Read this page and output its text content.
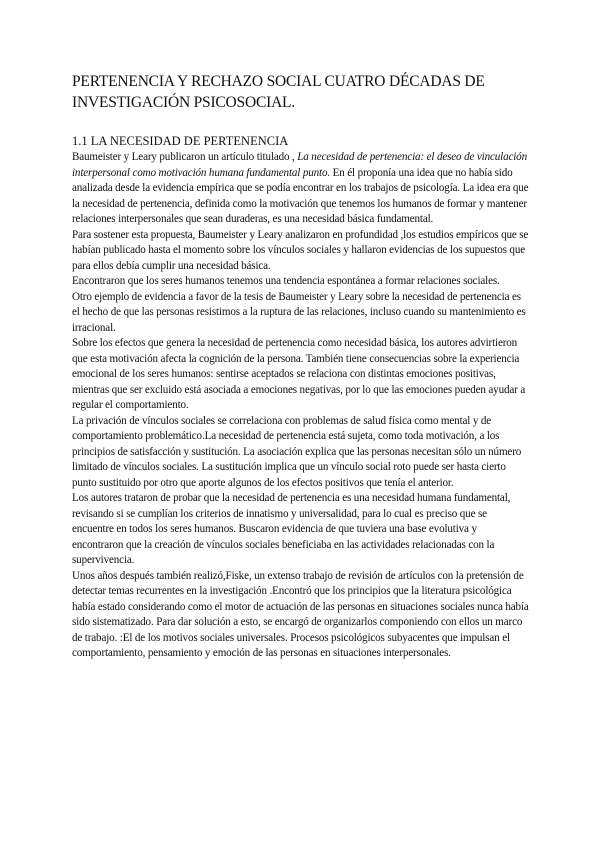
PERTENENCIA Y RECHAZO SOCIAL CUATRO DÉCADAS DE INVESTIGACIÓN PSICOSOCIAL.
1.1 LA NECESIDAD DE PERTENENCIA

Baumeister y Leary publicaron un artículo titulado , La necesidad de pertenencia: el deseo de vinculación interpersonal como motivación humana fundamental punto. En él proponía una idea que no había sido analizada desde la evidencia empírica que se podía encontrar en los trabajos de psicología. La idea era que la necesidad de pertenencia, definida como la motivación que tenemos los humanos de formar y mantener relaciones interpersonales que sean duraderas, es una necesidad básica fundamental.

Para sostener esta propuesta, Baumeister y Leary analizaron en profundidad ,los estudios empíricos que se habían publicado hasta el momento sobre los vínculos sociales y hallaron evidencias de los supuestos que para ellos debía cumplir una necesidad básica.

Encontraron que los seres humanos tenemos una tendencia espontánea a formar relaciones sociales.

Otro ejemplo de evidencia a favor de la tesis de Baumeister y Leary sobre la necesidad de pertenencia es el hecho de que las personas resistimos a la ruptura de las relaciones, incluso cuando su mantenimiento es irracional.

Sobre los efectos que genera la necesidad de pertenencia como necesidad básica, los autores advirtieron que esta motivación afecta la cognición de la persona. También tiene consecuencias sobre la experiencia emocional de los seres humanos: sentirse aceptados se relaciona con distintas emociones positivas, mientras que ser excluido está asociada a emociones negativas, por lo que las emociones pueden ayudar a regular el comportamiento.

La privación de vínculos sociales se correlaciona con problemas de salud física como mental y de comportamiento problemático.La necesidad de pertenencia está sujeta, como toda motivación, a los principios de satisfacción y sustitución. La asociación explica que las personas necesitan sólo un número limitado de vínculos sociales. La sustitución implica que un vínculo social roto puede ser hasta cierto punto sustituido por otro que aporte algunos de los efectos positivos que tenía el anterior.

Los autores trataron de probar que la necesidad de pertenencia es una necesidad humana fundamental, revisando si se cumplían los criterios de innatismo y universalidad, para lo cual es preciso que se encuentre en todos los seres humanos. Buscaron evidencia de que tuviera una base evolutiva y encontraron que la creación de vínculos sociales beneficiaba en las actividades relacionadas con la supervivencia.

Unos años después también realizó,Fiske, un extenso trabajo de revisión de artículos con la pretensión de detectar temas recurrentes en la investigación .Encontró que los principios que la literatura psicológica había estado considerando como el motor de actuación de las personas en situaciones sociales nunca había sido sistematizado. Para dar solución a esto, se encargó de organizarlos componiendo con ellos un marco de trabajo. :El de los motivos sociales universales. Procesos psicológicos subyacentes que impulsan el comportamiento, pensamiento y emoción de las personas en situaciones interpersonales.
